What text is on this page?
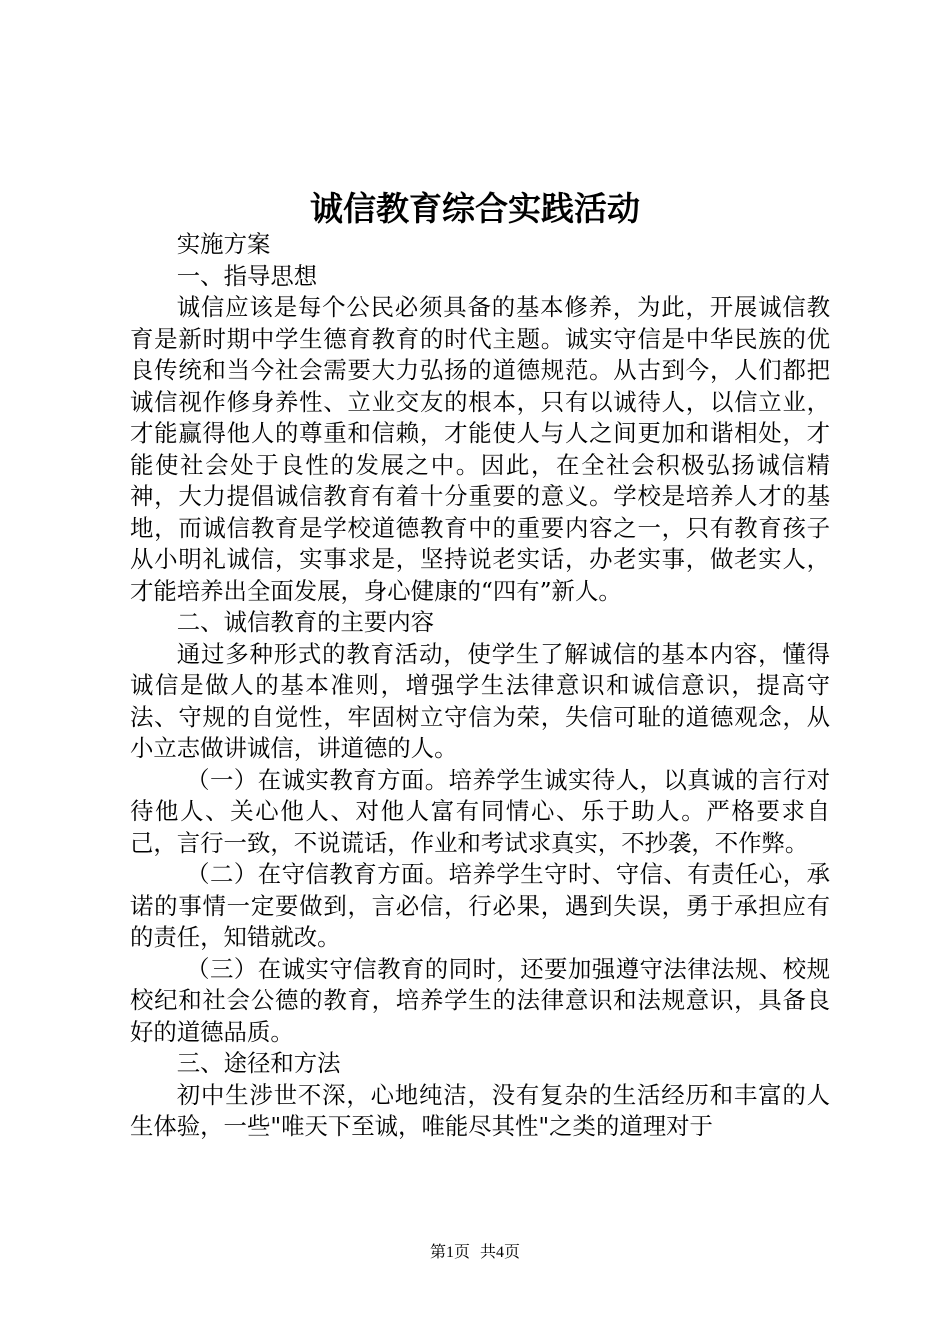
诚信教育综合实践活动

实施方案

一、指导思想

诚信应该是每个公民必须具备的基本修养，为此，开展诚信教育是新时期中学生德育教育的时代主题。诚实守信是中华民族的优良传统和当今社会需要大力弘扬的道德规范。从古到今，人们都把诚信视作修身养性、立业交友的根本，只有以诚待人，以信立业，才能赢得他人的尊重和信赖，才能使人与人之间更加和谐相处，才能使社会处于良性的发展之中。因此，在全社会积极弘扬诚信精神，大力提倡诚信教育有着十分重要的意义。学校是培养人才的基地，而诚信教育是学校道德教育中的重要内容之一，只有教育孩子从小明礼诚信，实事求是，坚持说老实话，办老实事，做老实人，才能培养出全面发展，身心健康的“四有”新人。

二、诚信教育的主要内容

通过多种形式的教育活动，使学生了解诚信的基本内容，懂得诚信是做人的基本准则，增强学生法律意识和诚信意识，提高守法、守规的自觉性，牢固树立守信为荣，失信可耻的道德观念，从小立志做讲诚信，讲道德的人。

（一）在诚实教育方面。培养学生诚实待人，以真诚的言行对待他人、关心他人、对他人富有同情心、乐于助人。严格要求自己，言行一致，不说谎话，作业和考试求真实，不抄袭，不作弊。

（二）在守信教育方面。培养学生守时、守信、有责任心，承诺的事情一定要做到，言必信，行必果，遇到失误，勇于承担应有的责任，知错就改。

（三）在诚实守信教育的同时，还要加强遵守法律法规、校规校纪和社会公德的教育，培养学生的法律意识和法规意识，具备良好的道德品质。

三、途径和方法

初中生涉世不深，心地纯洁，没有复杂的生活经历和丰富的人生体验，一些"唯天下至诚，唯能尽其性"之类的道理对于

第1页 共4页
